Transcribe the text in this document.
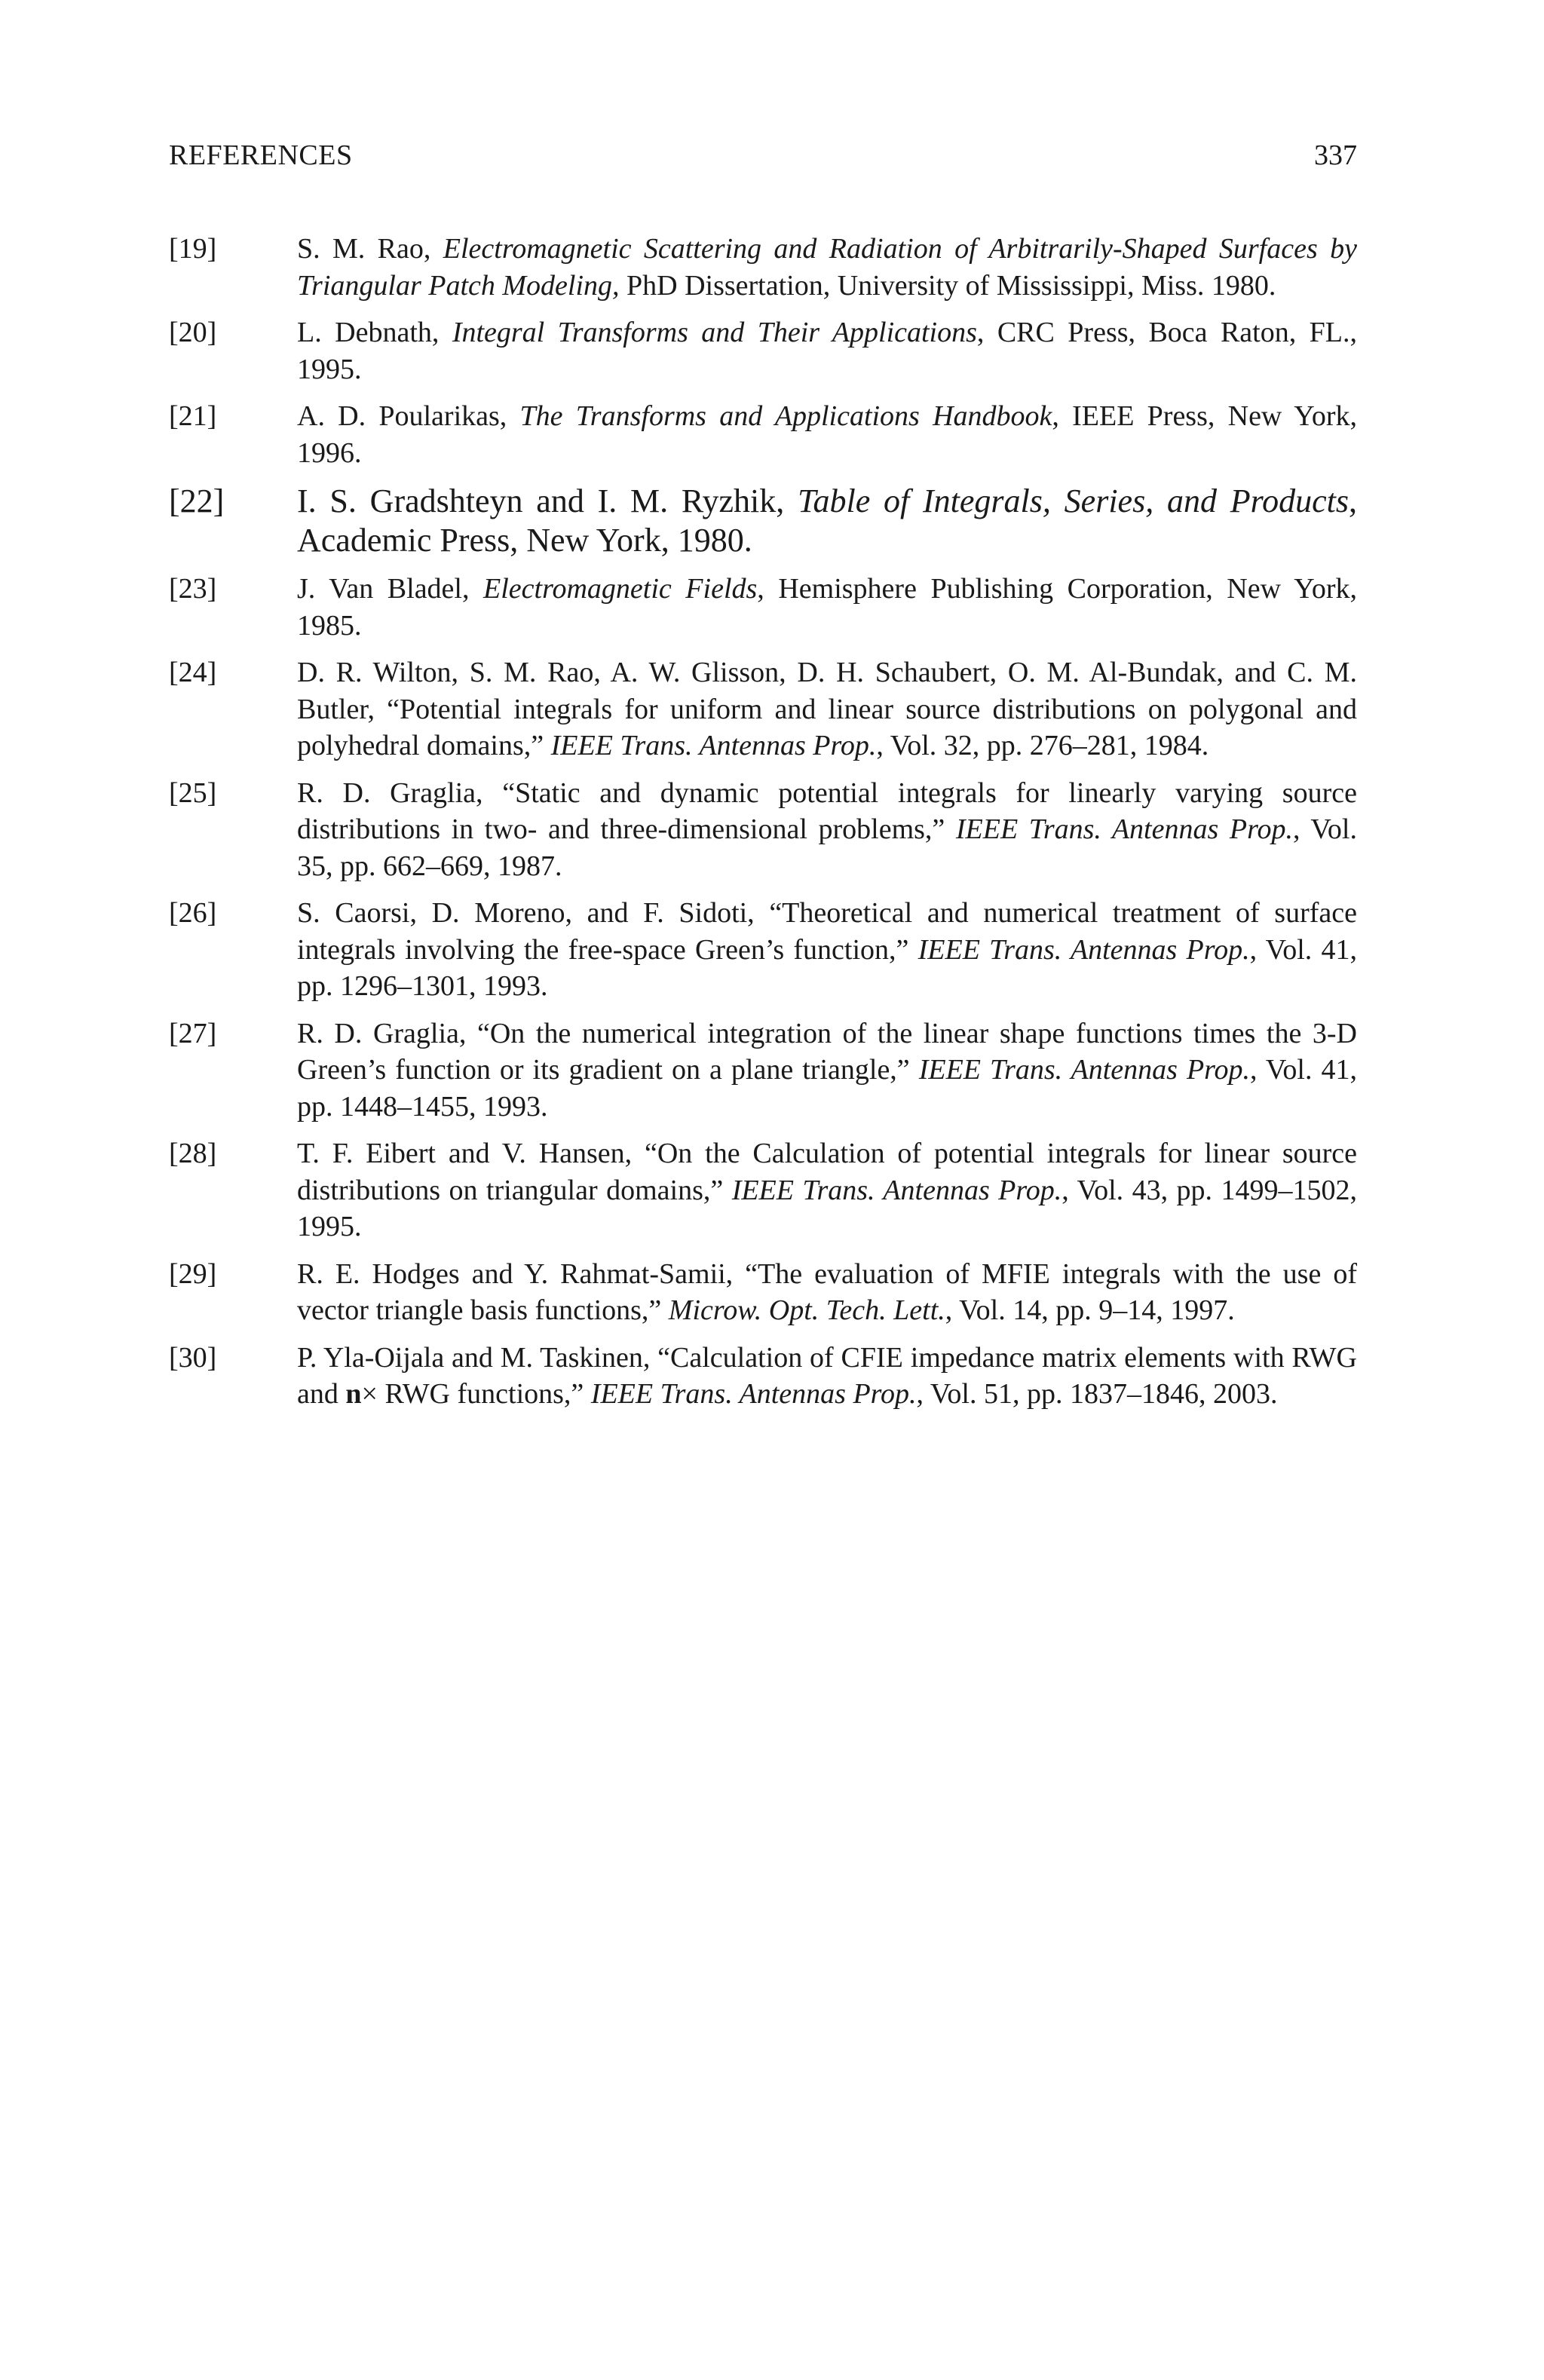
REFERENCES	337
[19]	S. M. Rao, Electromagnetic Scattering and Radiation of Arbitrarily-Shaped Surfaces by Triangular Patch Modeling, PhD Dissertation, University of Mississippi, Miss. 1980.
[20]	L. Debnath, Integral Transforms and Their Applications, CRC Press, Boca Raton, FL., 1995.
[21]	A. D. Poularikas, The Transforms and Applications Handbook, IEEE Press, New York, 1996.
[22]	I. S. Gradshteyn and I. M. Ryzhik, Table of Integrals, Series, and Products, Academic Press, New York, 1980.
[23]	J. Van Bladel, Electromagnetic Fields, Hemisphere Publishing Corporation, New York, 1985.
[24]	D. R. Wilton, S. M. Rao, A. W. Glisson, D. H. Schaubert, O. M. Al-Bundak, and C. M. Butler, “Potential integrals for uniform and linear source distributions on polygonal and polyhedral domains,” IEEE Trans. Antennas Prop., Vol. 32, pp. 276–281, 1984.
[25]	R. D. Graglia, “Static and dynamic potential integrals for linearly varying source distributions in two- and three-dimensional problems,” IEEE Trans. Antennas Prop., Vol. 35, pp. 662–669, 1987.
[26]	S. Caorsi, D. Moreno, and F. Sidoti, “Theoretical and numerical treatment of surface integrals involving the free-space Green’s function,” IEEE Trans. Antennas Prop., Vol. 41, pp. 1296–1301, 1993.
[27]	R. D. Graglia, “On the numerical integration of the linear shape functions times the 3-D Green’s function or its gradient on a plane triangle,” IEEE Trans. Antennas Prop., Vol. 41, pp. 1448–1455, 1993.
[28]	T. F. Eibert and V. Hansen, “On the Calculation of potential integrals for linear source distributions on triangular domains,” IEEE Trans. Antennas Prop., Vol. 43, pp. 1499–1502, 1995.
[29]	R. E. Hodges and Y. Rahmat-Samii, “The evaluation of MFIE integrals with the use of vector triangle basis functions,” Microw. Opt. Tech. Lett., Vol. 14, pp. 9–14, 1997.
[30]	P. Yla-Oijala and M. Taskinen, “Calculation of CFIE impedance matrix elements with RWG and n× RWG functions,” IEEE Trans. Antennas Prop., Vol. 51, pp. 1837–1846, 2003.
